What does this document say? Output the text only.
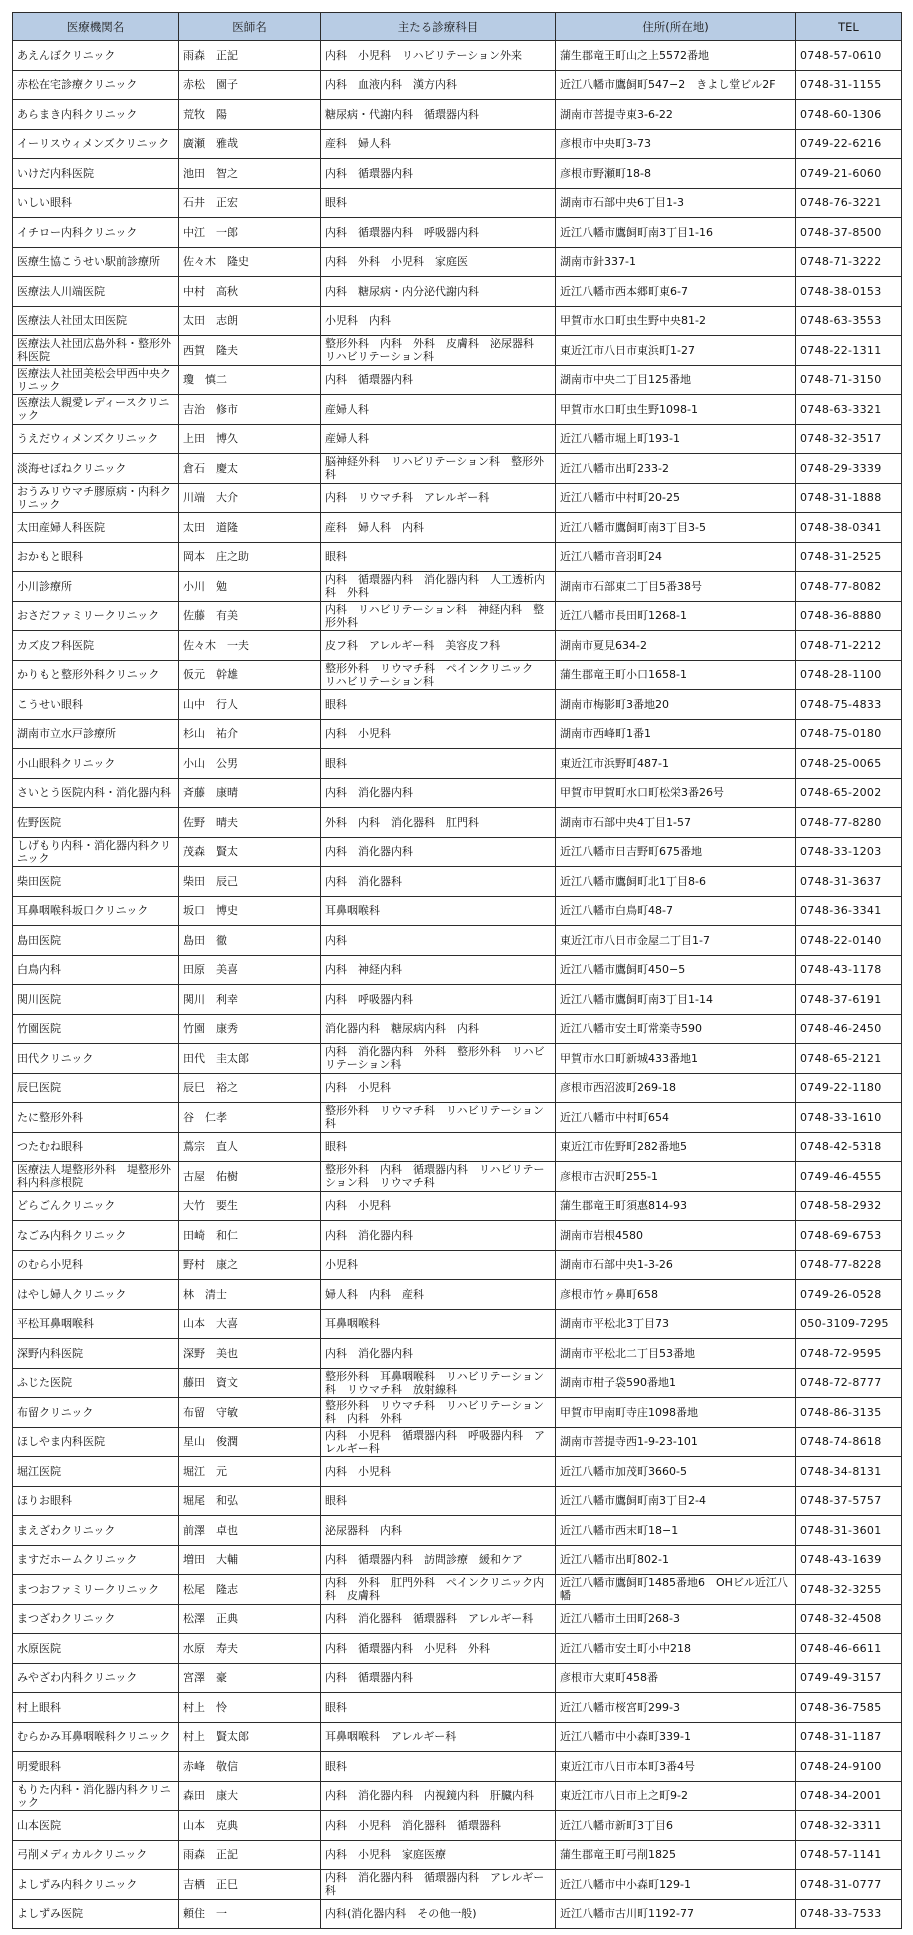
医療機関名	医師名	主たる診療科目	住所(所在地)	TEL
あえんぼクリニック	雨森　正記	内科　小児科　リハビリテーション外来	蒲生郡竜王町山之上5572番地	0748-57-0610
赤松在宅診療クリニック	赤松　園子	内科　血液内科　漢方内科	近江八幡市鷹飼町547−2　きよし堂ビル2F	0748-31-1155
あらまき内科クリニック	荒牧　陽	糖尿病・代謝内科　循環器内科	湖南市菩提寺東3-6-22	0748-60-1306
イーリスウィメンズクリニック	廣瀬　雅哉	産科　婦人科	彦根市中央町3-73	0749-22-6216
いけだ内科医院	池田　智之	内科　循環器内科	彦根市野瀬町18-8	0749-21-6060
いしい眼科	石井　正宏	眼科	湖南市石部中央6丁目1-3	0748-76-3221
イチロー内科クリニック	中江　一郎	内科　循環器内科　呼吸器内科	近江八幡市鷹飼町南3丁目1-16	0748-37-8500
医療生協こうせい駅前診療所	佐々木　隆史	内科　外科　小児科　家庭医	湖南市針337-1	0748-71-3222
医療法人川端医院	中村　高秋	内科　糖尿病・内分泌代謝内科	近江八幡市西本郷町東6-7	0748-38-0153
医療法人社団太田医院	太田　志朗	小児科　内科	甲賀市水口町虫生野中央81-2	0748-63-3553
医療法人社団広島外科・整形外科医院	西賀　隆夫	整形外科　内科　外科　皮膚科　泌尿器科　リハビリテーション科	東近江市八日市東浜町1-27	0748-22-1311
医療法人社団美松会甲西中央クリニック	瓊　慎二	内科　循環器内科	湖南市中央二丁目125番地	0748-71-3150
医療法人親愛レディースクリニック	吉治　修市	産婦人科	甲賀市水口町虫生野1098-1	0748-63-3321
うえだウィメンズクリニック	上田　博久	産婦人科	近江八幡市堀上町193-1	0748-32-3517
淡海せぼねクリニック	倉石　慶太	脳神経外科　リハビリテーション科　整形外科	近江八幡市出町233-2	0748-29-3339
おうみリウマチ膠原病・内科クリニック	川端　大介	内科　リウマチ科　アレルギー科	近江八幡市中村町20-25	0748-31-1888
太田産婦人科医院	太田　道隆	産科　婦人科　内科	近江八幡市鷹飼町南3丁目3-5	0748-38-0341
おかもと眼科	岡本　庄之助	眼科	近江八幡市音羽町24	0748-31-2525
小川診療所	小川　勉	内科　循環器内科　消化器内科　人工透析内科　外科	湖南市石部東二丁目5番38号	0748-77-8082
おさだファミリークリニック	佐藤　有美	内科　リハビリテーション科　神経内科　整形外科	近江八幡市長田町1268-1	0748-36-8880
カズ皮フ科医院	佐々木　一夫	皮フ科　アレルギー科　美容皮フ科	湖南市夏見634-2	0748-71-2212
かりもと整形外科クリニック	仮元　幹雄	整形外科　リウマチ科　ペインクリニック　リハビリテーション科	蒲生郡竜王町小口1658-1	0748-28-1100
こうせい眼科	山中　行人	眼科	湖南市梅影町3番地20	0748-75-4833
湖南市立水戸診療所	杉山　祐介	内科　小児科	湖南市西峰町1番1	0748-75-0180
小山眼科クリニック	小山　公男	眼科	東近江市浜野町487-1	0748-25-0065
さいとう医院内科・消化器内科	斉藤　康晴	内科　消化器内科	甲賀市甲賀町水口町松栄3番26号	0748-65-2002
佐野医院	佐野　晴夫	外科　内科　消化器科　肛門科	湖南市石部中央4丁目1-57	0748-77-8280
しげもり内科・消化器内科クリニック	茂森　賢太	内科　消化器内科	近江八幡市日吉野町675番地	0748-33-1203
柴田医院	柴田　辰己	内科　消化器科	近江八幡市鷹飼町北1丁目8-6	0748-31-3637
耳鼻咽喉科坂口クリニック	坂口　博史	耳鼻咽喉科	近江八幡市白鳥町48-7	0748-36-3341
島田医院	島田　徹	内科	東近江市八日市金屋二丁目1-7	0748-22-0140
白鳥内科	田原　美喜	内科　神経内科	近江八幡市鷹飼町450−5	0748-43-1178
関川医院	関川　利幸	内科　呼吸器内科	近江八幡市鷹飼町南3丁目1-14	0748-37-6191
竹園医院	竹園　康秀	消化器内科　糖尿病内科　内科	近江八幡市安土町常楽寺590	0748-46-2450
田代クリニック	田代　圭太郎	内科　消化器内科　外科　整形外科　リハビリテーション科	甲賀市水口町新城433番地1	0748-65-2121
辰巳医院	辰巳　裕之	内科　小児科	彦根市西沼波町269-18	0749-22-1180
たに整形外科	谷　仁孝	整形外科　リウマチ科　リハビリテーション科	近江八幡市中村町654	0748-33-1610
つたむね眼科	蔦宗　直人	眼科	東近江市佐野町282番地5	0748-42-5318
医療法人堤整形外科　堤整形外科内科彦根院	古屋　佑樹	整形外科　内科　循環器内科　リハビリテーション科　リウマチ科	彦根市古沢町255-1	0749-46-4555
どらごんクリニック	大竹　要生	内科　小児科	蒲生郡竜王町須惠814-93	0748-58-2932
なごみ内科クリニック	田崎　和仁	内科　消化器内科	湖南市岩根4580	0748-69-6753
のむら小児科	野村　康之	小児科	湖南市石部中央1-3-26	0748-77-8228
はやし婦人クリニック	林　清士	婦人科　内科　産科	彦根市竹ヶ鼻町658	0749-26-0528
平松耳鼻咽喉科	山本　大喜	耳鼻咽喉科	湖南市平松北3丁目73	050-3109-7295
深野内科医院	深野　美也	内科　消化器内科	湖南市平松北二丁目53番地	0748-72-9595
ふじた医院	藤田　資文	整形外科　耳鼻咽喉科　リハビリテーション科　リウマチ科　放射線科	湖南市柑子袋590番地1	0748-72-8777
布留クリニック	布留　守敏	整形外科　リウマチ科　リハビリテーション科　内科　外科	甲賀市甲南町寺庄1098番地	0748-86-3135
ほしやま内科医院	星山　俊潤	内科　小児科　循環器内科　呼吸器内科　アレルギー科	湖南市菩提寺西1-9-23-101	0748-74-8618
堀江医院	堀江　元	内科　小児科	近江八幡市加茂町3660-5	0748-34-8131
ほりお眼科	堀尾　和弘	眼科	近江八幡市鷹飼町南3丁目2-4	0748-37-5757
まえざわクリニック	前澤　卓也	泌尿器科　内科	近江八幡市西末町18−1	0748-31-3601
ますだホームクリニック	増田　大輔	内科　循環器内科　訪問診療　緩和ケア	近江八幡市出町802-1	0748-43-1639
まつおファミリークリニック	松尾　隆志	内科　外科　肛門外科　ペインクリニック内科　皮膚科	近江八幡市鷹飼町1485番地6　OHビル近江八幡	0748-32-3255
まつざわクリニック	松澤　正典	内科　消化器科　循環器科　アレルギー科	近江八幡市土田町268-3	0748-32-4508
水原医院	水原　寿夫	内科　循環器内科　小児科　外科	近江八幡市安土町小中218	0748-46-6611
みやざわ内科クリニック	宮澤　豪	内科　循環器内科	彦根市大東町458番	0749-49-3157
村上眼科	村上　怜	眼科	近江八幡市桜宮町299-3	0748-36-7585
むらかみ耳鼻咽喉科クリニック	村上　賢太郎	耳鼻咽喉科　アレルギー科	近江八幡市中小森町339-1	0748-31-1187
明愛眼科	赤峰　敬信	眼科	東近江市八日市本町3番4号	0748-24-9100
もりた内科・消化器内科クリニック	森田　康大	内科　消化器内科　内視鏡内科　肝臓内科	東近江市八日市上之町9-2	0748-34-2001
山本医院	山本　克典	内科　小児科　消化器科　循環器科	近江八幡市新町3丁目6	0748-32-3311
弓削メディカルクリニック	雨森　正記	内科　小児科　家庭医療	蒲生郡竜王町弓削1825	0748-57-1141
よしずみ内科クリニック	吉栖　正巳	内科　消化器内科　循環器内科　アレルギー科	近江八幡市中小森町129-1	0748-31-0777
よしずみ医院	頼住　一	内科(消化器内科　その他一般)	近江八幡市古川町1192-77	0748-33-7533
